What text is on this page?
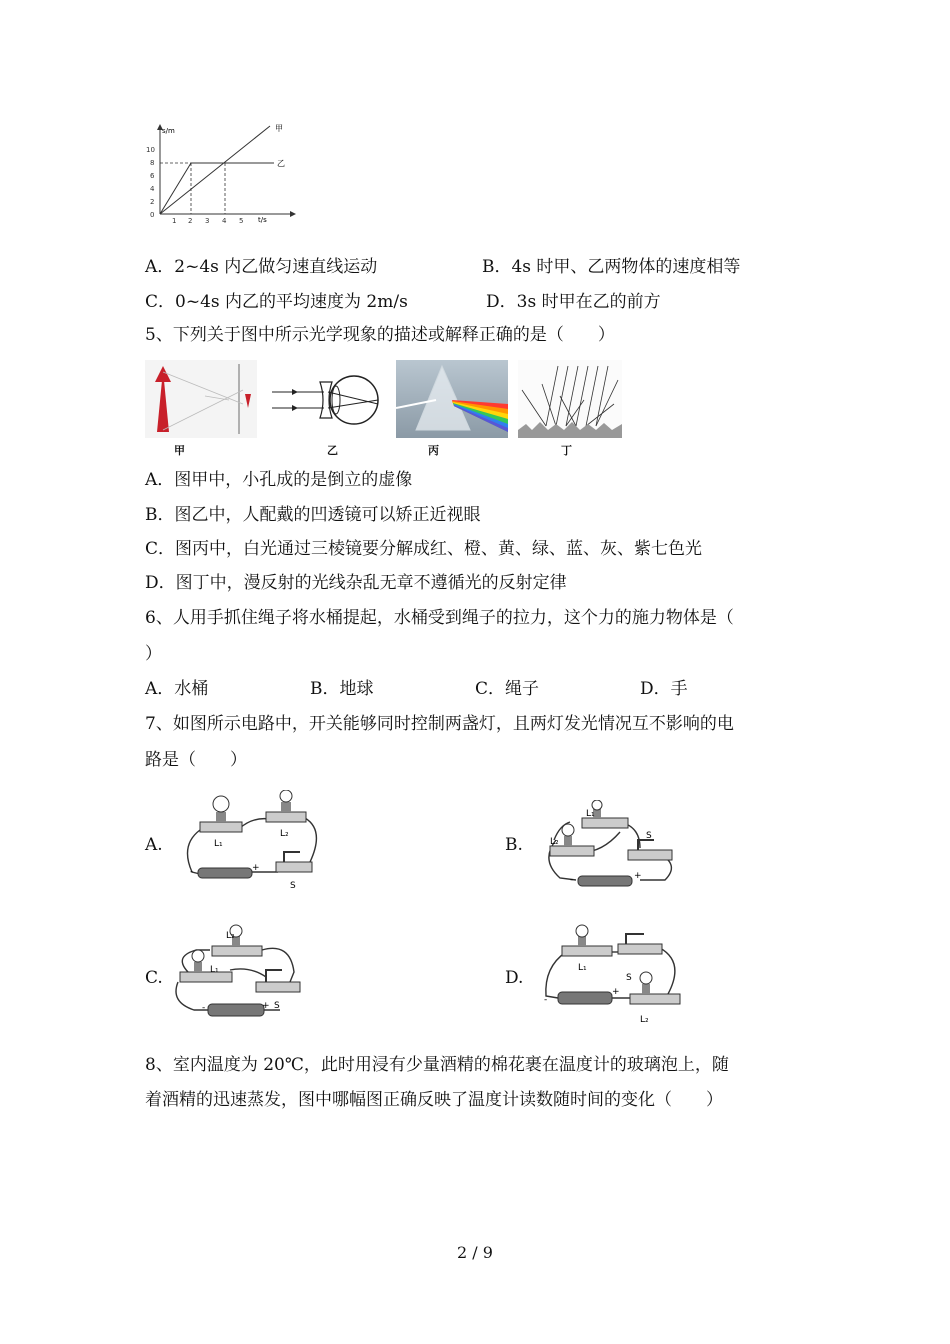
s/m
t/s
0
2
4
6
8
10
1 2 3 4 5
甲
乙
A．2~4s 内乙做匀速直线运动	B．4s 时甲、乙两物体的速度相等
C．0~4s 内乙的平均速度为 2m/s	D．3s 时甲在乙的前方
5、下列关于图中所示光学现象的描述或解释正确的是（　　）
甲	乙	丙	丁
A．图甲中，小孔成的是倒立的虚像
B．图乙中，人配戴的凹透镜可以矫正近视眼
C．图丙中，白光通过三棱镜要分解成红、橙、黄、绿、蓝、灰、紫七色光
D．图丁中，漫反射的光线杂乱无章不遵循光的反射定律
6、人用手抓住绳子将水桶提起，水桶受到绳子的拉力，这个力的施力物体是（
）
A．水桶	B．地球	C．绳子	D．手
7、如图所示电路中，开关能够同时控制两盏灯，且两灯发光情况互不影响的电
路是（　　）
A.	B.
C.	D.
L₁
L₂
-	+
S
L₁
L₂
S
-	+
L₂
L₁
-	+ S
L₁
S
-
+
L₂
8、室内温度为 20℃，此时用浸有少量酒精的棉花裹在温度计的玻璃泡上，随
着酒精的迅速蒸发，图中哪幅图正确反映了温度计读数随时间的变化（　　）
2 / 9
